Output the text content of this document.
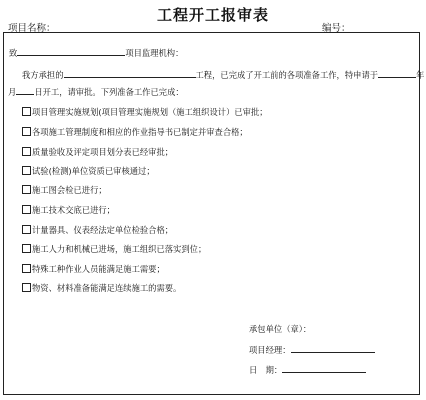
工程开工报审表
项目名称：	编号：
致	项目监理机构：
我方承担的	工程，已完成了开工前的各项准备工作，特申请于	年
月 日开工，请审批。下列准备工作已完成：
项目管理实施规划(项目管理实施规划（施工组织设计）已审批；
各项施工管理制度和相应的作业指导书已制定并审查合格；
质量验收及评定项目划分表已经审批；
试验(检测)单位资质已审核通过；
施工图会检已进行；
施工技术交底已进行；
计量器具、仪表经法定单位检验合格；
施工人力和机械已进场，施工组织已落实到位；
特殊工种作业人员能满足施工需要；
物资、材料准备能满足连续施工的需要。
承包单位（章）：
项目经理：
日　期：
